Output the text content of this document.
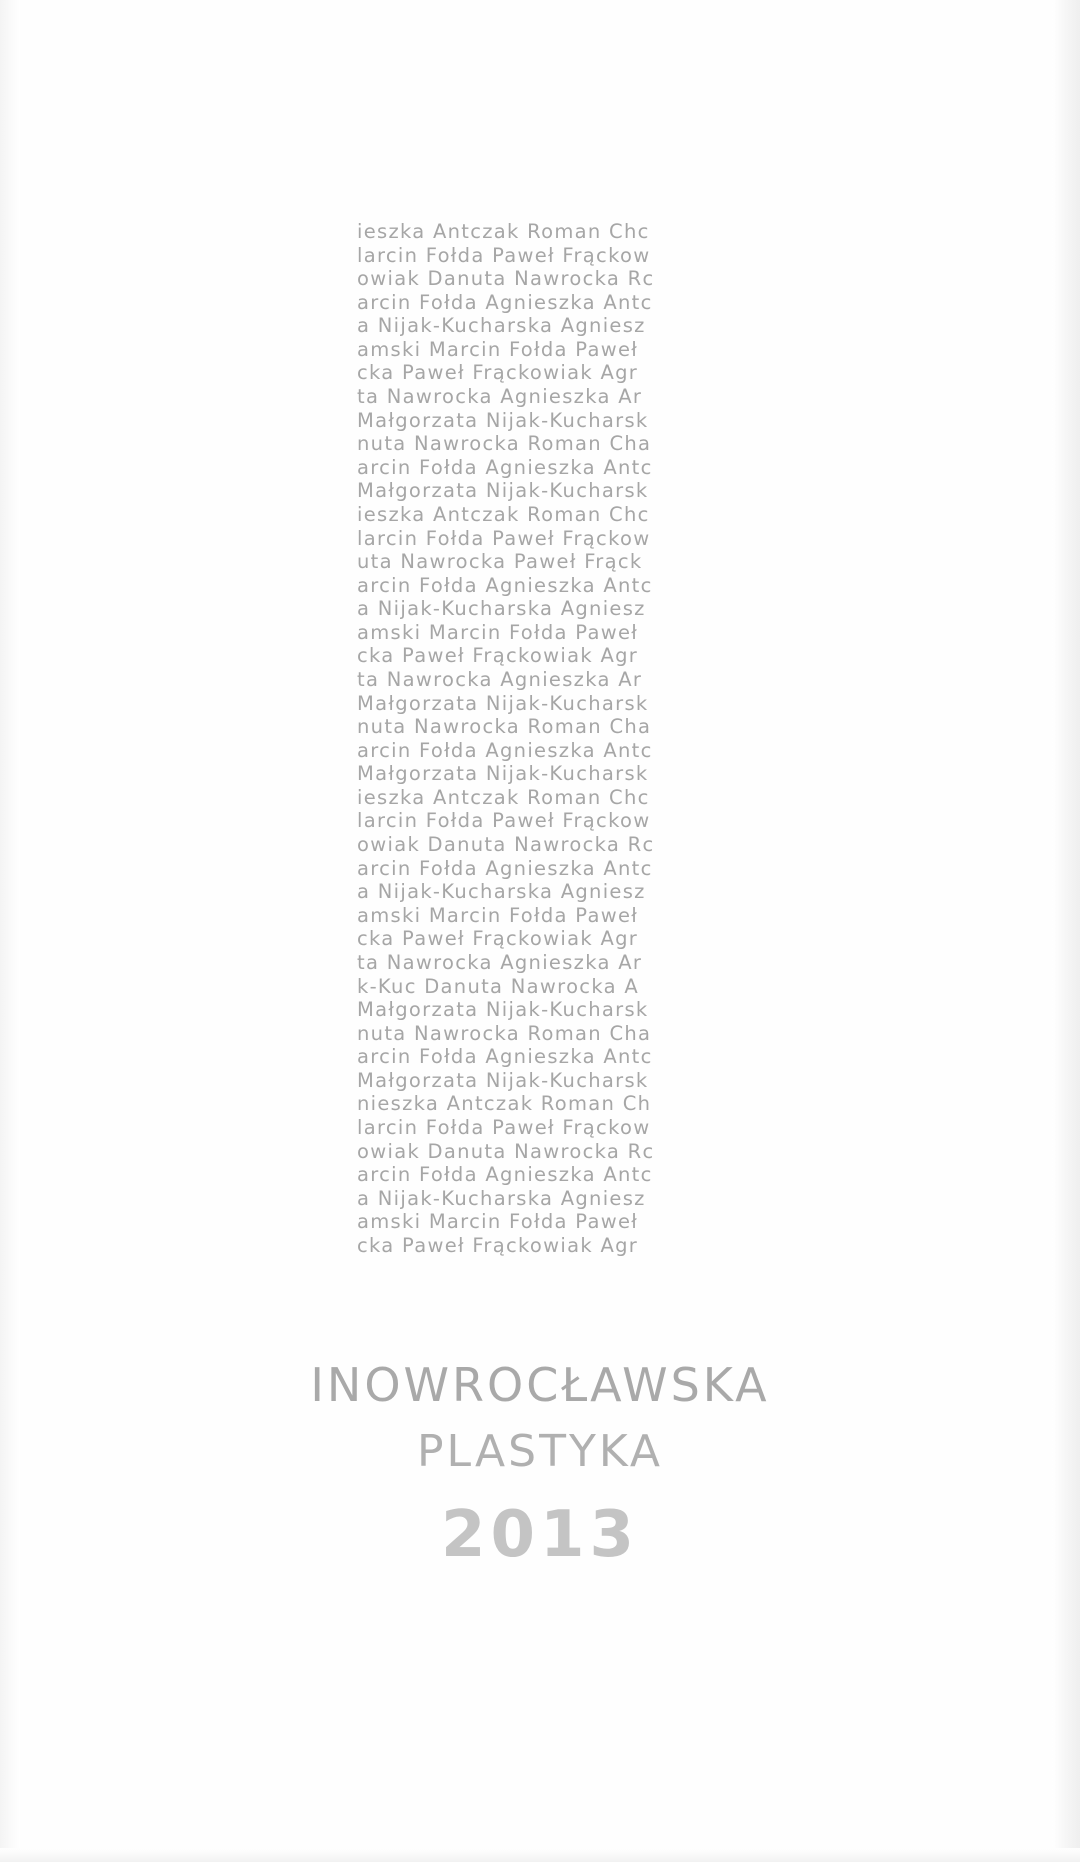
ieszka Antczak Roman Chc
larcin Fołda Paweł Frąckow
owiak Danuta Nawrocka Rc
arcin Fołda Agnieszka Antc
a Nijak-Kucharska Agniesz
amski Marcin Fołda Paweł
cka Paweł Frąckowiak Agr
ta Nawrocka Agnieszka Ar
Małgorzata Nijak-Kucharsk
nuta Nawrocka Roman Cha
arcin Fołda Agnieszka Antc
Małgorzata Nijak-Kucharsk
ieszka Antczak Roman Chc
larcin Fołda Paweł Frąckow
uta Nawrocka Paweł Frąck
arcin Fołda Agnieszka Antc
a Nijak-Kucharska Agniesz
amski Marcin Fołda Paweł
cka Paweł Frąckowiak Agr
ta Nawrocka Agnieszka Ar
Małgorzata Nijak-Kucharsk
nuta Nawrocka Roman Cha
arcin Fołda Agnieszka Antc
Małgorzata Nijak-Kucharsk
ieszka Antczak Roman Chc
larcin Fołda Paweł Frąckow
owiak Danuta Nawrocka Rc
arcin Fołda Agnieszka Antc
a Nijak-Kucharska Agniesz
amski Marcin Fołda Paweł
cka Paweł Frąckowiak Agr
ta Nawrocka Agnieszka Ar
k-Kuc Danuta Nawrocka A
Małgorzata Nijak-Kucharsk
nuta Nawrocka Roman Cha
arcin Fołda Agnieszka Antc
Małgorzata Nijak-Kucharsk
nieszka Antczak Roman Ch
larcin Fołda Paweł Frąckow
owiak Danuta Nawrocka Rc
arcin Fołda Agnieszka Antc
a Nijak-Kucharska Agniesz
amski Marcin Fołda Paweł
cka Paweł Frąckowiak Agr
INOWROCŁAWSKA
PLASTYKA
2013
